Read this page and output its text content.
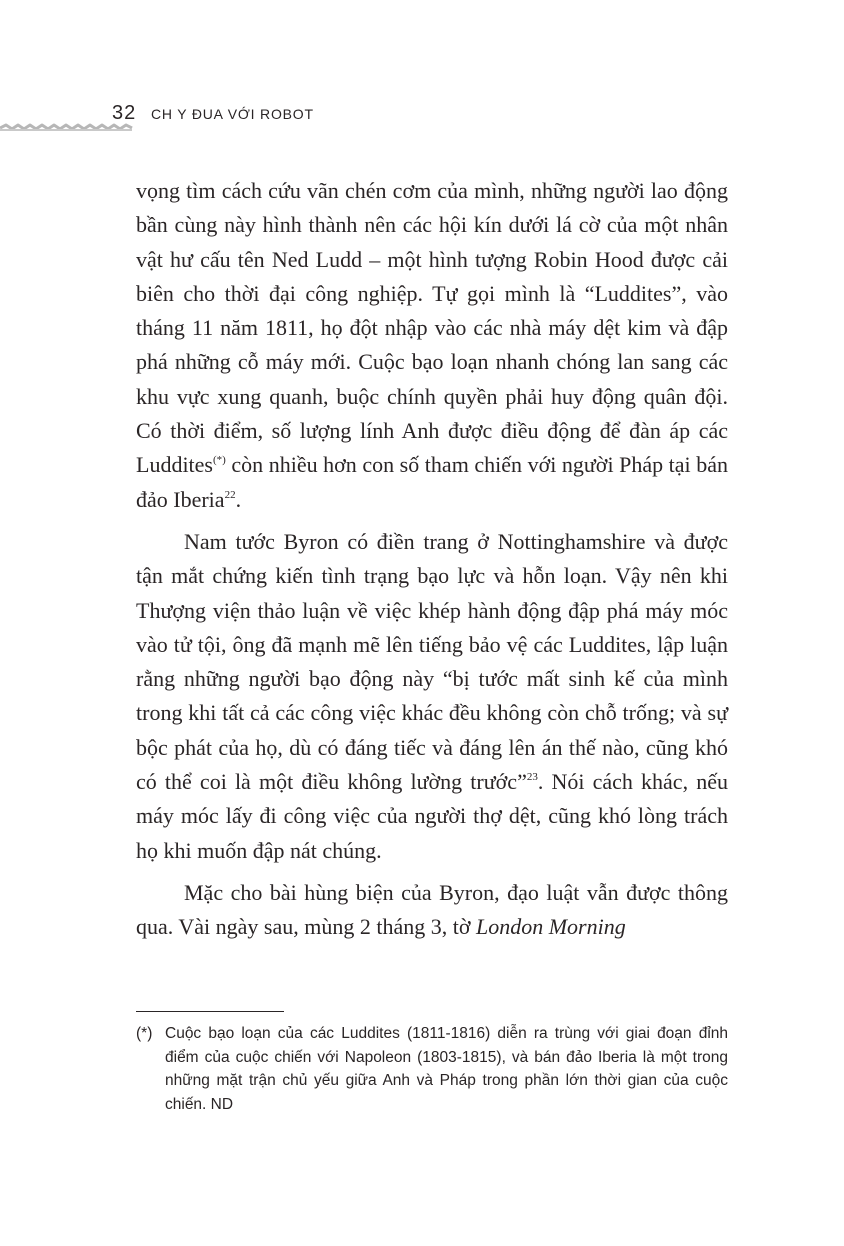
32 CH Y ĐUA VỚI ROBOT

vọng tìm cách cứu vãn chén cơm của mình, những người lao động bần cùng này hình thành nên các hội kín dưới lá cờ của một nhân vật hư cấu tên Ned Ludd – một hình tượng Robin Hood được cải biên cho thời đại công nghiệp. Tự gọi mình là “Luddites”, vào tháng 11 năm 1811, họ đột nhập vào các nhà máy dệt kim và đập phá những cỗ máy mới. Cuộc bạo loạn nhanh chóng lan sang các khu vực xung quanh, buộc chính quyền phải huy động quân đội. Có thời điểm, số lượng lính Anh được điều động để đàn áp các Luddites(*) còn nhiều hơn con số tham chiến với người Pháp tại bán đảo Iberia$^{22}$.

Nam tước Byron có điền trang ở Nottinghamshire và được tận mắt chứng kiến tình trạng bạo lực và hỗn loạn. Vậy nên khi Thượng viện thảo luận về việc khép hành động đập phá máy móc vào tử tội, ông đã mạnh mẽ lên tiếng bảo vệ các Luddites, lập luận rằng những người bạo động này “bị tước mất sinh kế của mình trong khi tất cả các công việc khác đều không còn chỗ trống; và sự bộc phát của họ, dù có đáng tiếc và đáng lên án thế nào, cũng khó có thể coi là một điều không lường trước”$^{23}$. Nói cách khác, nếu máy móc lấy đi công việc của người thợ dệt, cũng khó lòng trách họ khi muốn đập nát chúng.

Mặc cho bài hùng biện của Byron, đạo luật vẫn được thông qua. Vài ngày sau, mùng 2 tháng 3, tờ London Morning

(*) Cuộc bạo loạn của các Luddites (1811-1816) diễn ra trùng với giai đoạn đỉnh điểm của cuộc chiến với Napoleon (1803-1815), và bán đảo Iberia là một trong những mặt trận chủ yếu giữa Anh và Pháp trong phần lớn thời gian của cuộc chiến. ND
